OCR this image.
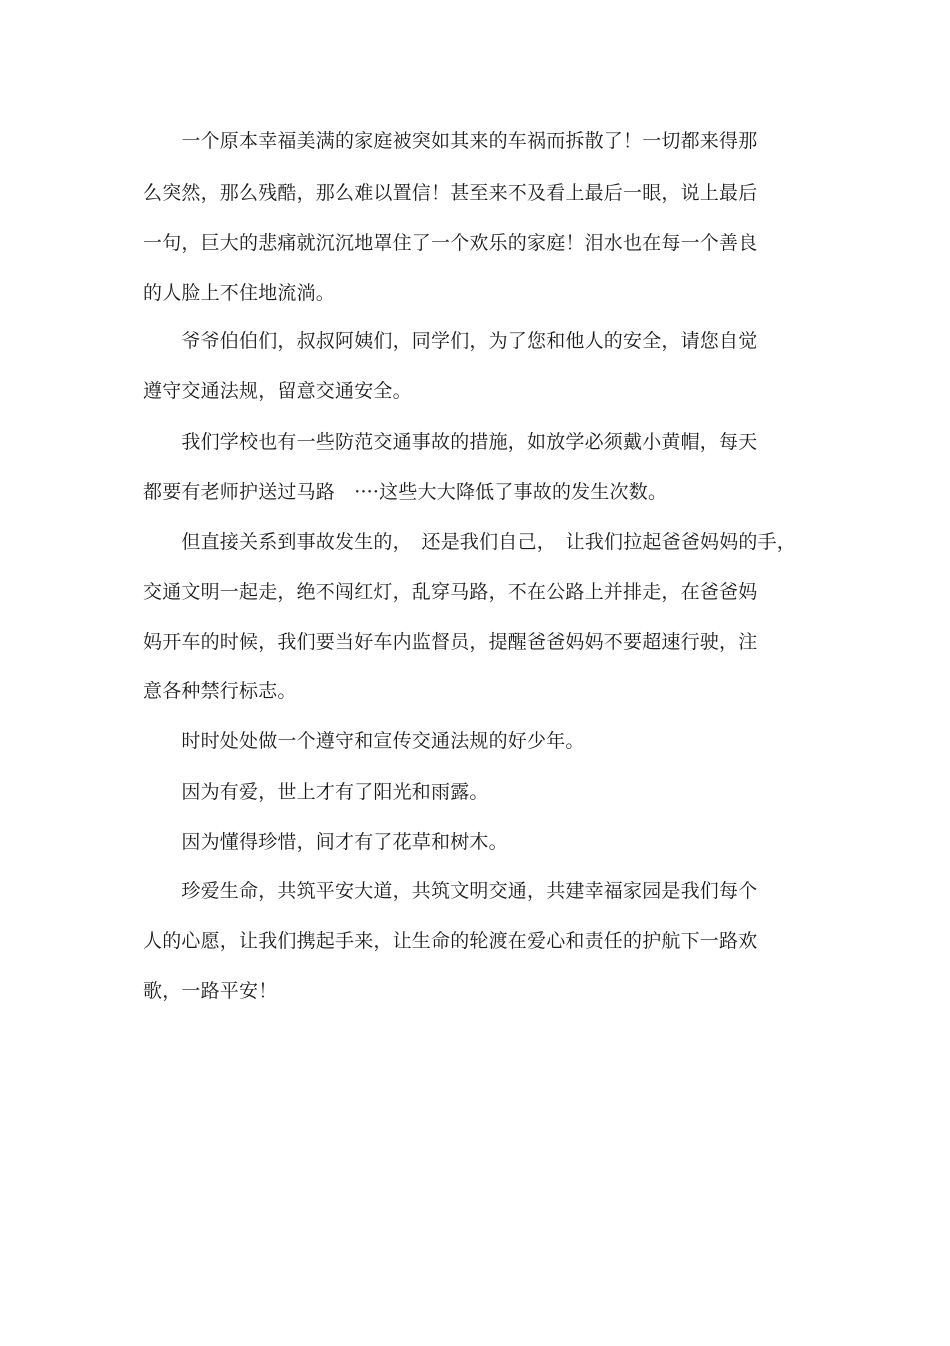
　　一个原本幸福美满的家庭被突如其来的车祸而拆散了！一切都来得那
么突然，那么残酷，那么难以置信！甚至来不及看上最后一眼，说上最后
一句，巨大的悲痛就沉沉地罩住了一个欢乐的家庭！泪水也在每一个善良
的人脸上不住地流淌。
　　爷爷伯伯们，叔叔阿姨们，同学们，为了您和他人的安全，请您自觉
遵守交通法规，留意交通安全。
　　我们学校也有一些防范交通事故的措施，如放学必须戴小黄帽，每天
都要有老师护送过马路　····这些大大降低了事故的发生次数。
　　但直接关系到事故发生的，　还是我们自己，　让我们拉起爸爸妈妈的手，
交通文明一起走，绝不闯红灯，乱穿马路，不在公路上并排走，在爸爸妈
妈开车的时候，我们要当好车内监督员，提醒爸爸妈妈不要超速行驶，注
意各种禁行标志。
　　时时处处做一个遵守和宣传交通法规的好少年。
　　因为有爱，世上才有了阳光和雨露。
　　因为懂得珍惜，间才有了花草和树木。
　　珍爱生命，共筑平安大道，共筑文明交通，共建幸福家园是我们每个
人的心愿，让我们携起手来，让生命的轮渡在爱心和责任的护航下一路欢
歌，一路平安！
